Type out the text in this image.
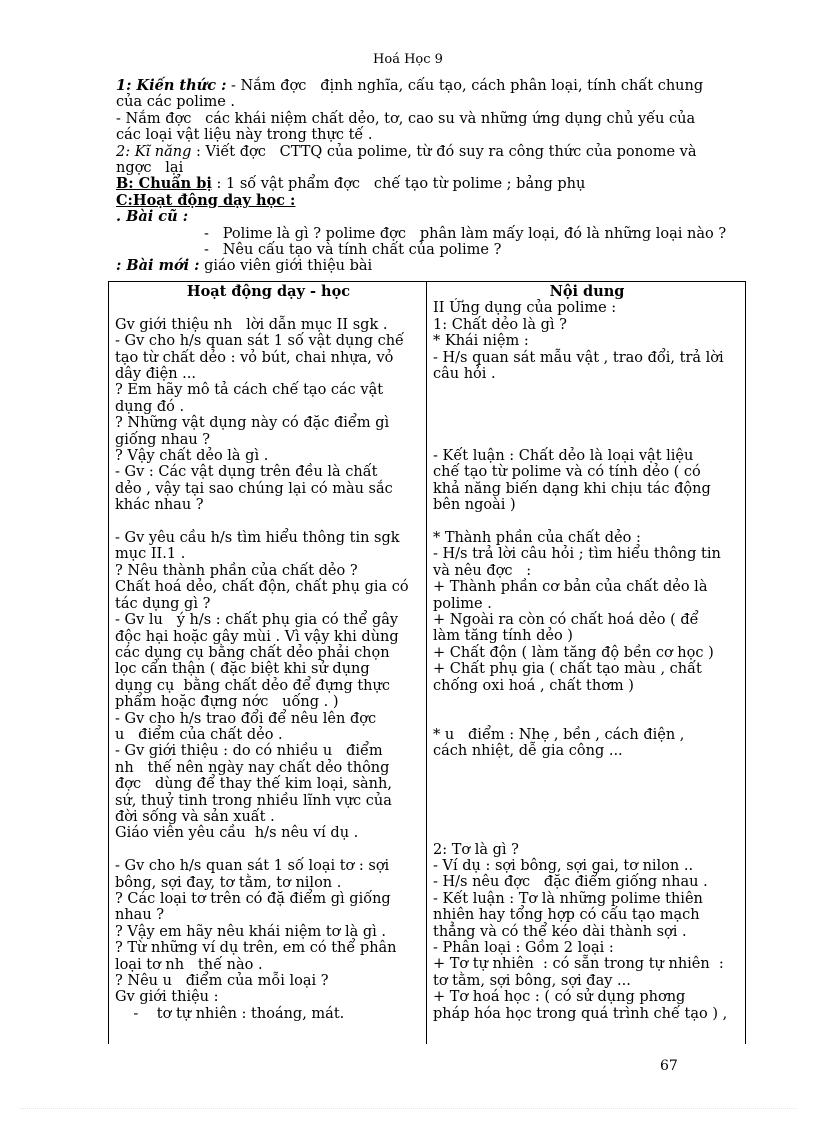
Hoá Học 9
1: Kiến thức : - Nắm đợc   định nghĩa, cấu tạo, cách phân loại, tính chất chung
của các polime .
- Nắm đợc   các khái niệm chất dẻo, tơ, cao su và những ứng dụng chủ yếu của
các loại vật liệu này trong thực tế .
2: Kĩ năng : Viết đợc   CTTQ của polime, từ đó suy ra công thức của ponome và
ngợc   lại
B: Chuẩn bị : 1 số vật phẩm đợc   chế tạo từ polime ; bảng phụ
C:Hoạt động dạy học :
. Bài cũ :
-   Polime là gì ? polime đợc   phân làm mấy loại, đó là những loại nào ?
-   Nêu cấu tạo và tính chất của polime ?
: Bài mới : giáo viên giới thiệu bài
Hoạt động dạy - học
Gv giới thiệu nh   lời dẫn mục II sgk .
- Gv cho h/s quan sát 1 số vật dụng chế
tạo từ chất dẻo : vỏ bút, chai nhựa, vỏ
dây điện ...
? Em hãy mô tả cách chế tạo các vật
dụng đó .
? Những vật dụng này có đặc điểm gì
giống nhau ?
? Vậy chất dẻo là gì .
- Gv : Các vật dụng trên đều là chất
dẻo , vậy tại sao chúng lại có màu sắc
khác nhau ?
- Gv yêu cầu h/s tìm hiểu thông tin sgk
mục II.1 .
? Nêu thành phần của chất dẻo ?
Chất hoá dẻo, chất độn, chất phụ gia có
tác dụng gì ?
- Gv lu   ý h/s : chất phụ gia có thể gây
độc hại hoặc gây mùi . Vì vậy khi dùng
các dụng cụ bằng chất dẻo phải chọn
lọc cẩn thận ( đặc biệt khi sử dụng
dụng cụ  bằng chất dẻo để đựng thực
phẩm hoặc đựng nớc   uống . )
- Gv cho h/s trao đổi để nêu lên đợc
u   điểm của chất dẻo .
- Gv giới thiệu : do có nhiều u   điểm
nh   thế nên ngày nay chất dẻo thông
đợc   dùng để thay thế kim loại, sành,
sứ, thuỷ tinh trong nhiều lĩnh vực của
đời sống và sản xuất .
Giáo viên yêu cầu  h/s nêu ví dụ .
- Gv cho h/s quan sát 1 số loại tơ : sợi
bông, sợi đay, tơ tằm, tơ nilon .
? Các loại tơ trên có đặ điểm gì giống
nhau ?
? Vậy em hãy nêu khái niệm tơ là gì .
? Từ những ví dụ trên, em có thể phân
loại tơ nh   thế nào .
? Nêu u   điểm của mỗi loại ?
Gv giới thiệu :
-    tơ tự nhiên : thoáng, mát.
Nội dung
II Ứng dụng của polime :
1: Chất dẻo là gì ?
* Khái niệm :
- H/s quan sát mẫu vật , trao đổi, trả lời
câu hỏi .
- Kết luận : Chất dẻo là loại vật liệu
chế tạo từ polime và có tính dẻo ( có
khả năng biến dạng khi chịu tác động
bên ngoài )
* Thành phần của chất dẻo :
- H/s trả lời câu hỏi ; tìm hiểu thông tin
và nêu đợc   :
+ Thành phần cơ bản của chất dẻo là
polime .
+ Ngoài ra còn có chất hoá dẻo ( để
làm tăng tính dẻo )
+ Chất độn ( làm tăng độ bền cơ học )
+ Chất phụ gia ( chất tạo màu , chất
chống oxi hoá , chất thơm )
* u   điểm : Nhẹ , bền , cách điện ,
cách nhiệt, dễ gia công ...
2: Tơ là gì ?
- Ví dụ : sợi bông, sợi gai, tơ nilon ..
- H/s nêu đợc   đặc điểm giống nhau .
- Kết luận : Tơ là những polime thiên
nhiên hay tổng hợp có cấu tạo mạch
thẳng và có thể kéo dài thành sợi .
- Phân loại : Gồm 2 loại :
+ Tơ tự nhiên  : có sẵn trong tự nhiên  :
tơ tằm, sợi bông, sợi đay ...
+ Tơ hoá học : ( có sử dụng phơng
pháp hóa học trong quá trình chế tạo ) ,
67
